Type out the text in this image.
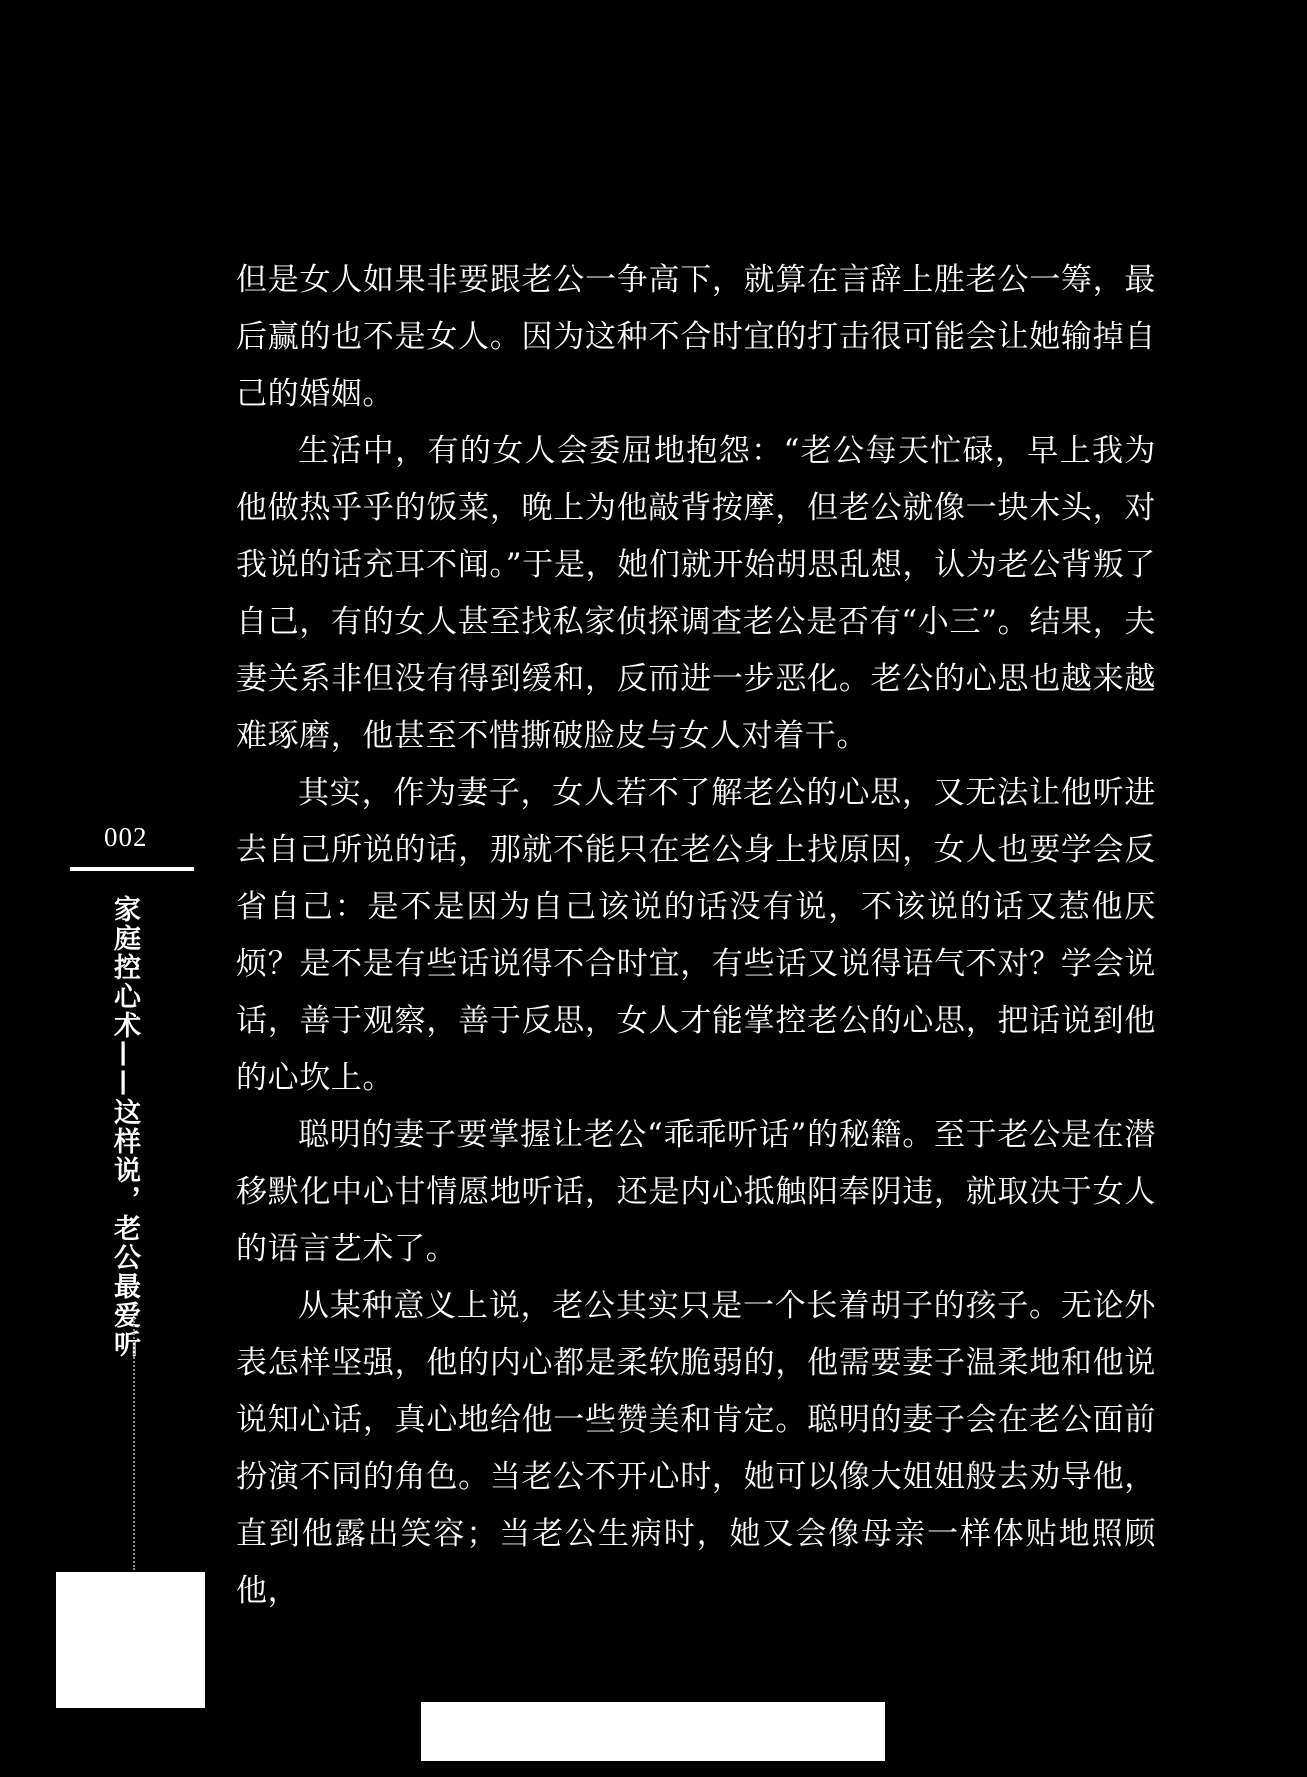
002
家庭控心术——这样说，老公最爱听

但是女人如果非要跟老公一争高下，就算在言辞上胜老公一筹，最后赢的也不是女人。因为这种不合时宜的打击很可能会让她输掉自己的婚姻。

生活中，有的女人会委屈地抱怨：“老公每天忙碌，早上我为他做热乎乎的饭菜，晚上为他敲背按摩，但老公就像一块木头，对我说的话充耳不闻。”于是，她们就开始胡思乱想，认为老公背叛了自己，有的女人甚至找私家侦探调查老公是否有“小三”。结果，夫妻关系非但没有得到缓和，反而进一步恶化。老公的心思也越来越难琢磨，他甚至不惜撕破脸皮与女人对着干。

其实，作为妻子，女人若不了解老公的心思，又无法让他听进去自己所说的话，那就不能只在老公身上找原因，女人也要学会反省自己：是不是因为自己该说的话没有说，不该说的话又惹他厌烦？是不是有些话说得不合时宜，有些话又说得语气不对？学会说话，善于观察，善于反思，女人才能掌控老公的心思，把话说到他的心坎上。

聪明的妻子要掌握让老公“乖乖听话”的秘籍。至于老公是在潜移默化中心甘情愿地听话，还是内心抵触阳奉阴违，就取决于女人的语言艺术了。

从某种意义上说，老公其实只是一个长着胡子的孩子。无论外表怎样坚强，他的内心都是柔软脆弱的，他需要妻子温柔地和他说说知心话，真心地给他一些赞美和肯定。聪明的妻子会在老公面前扮演不同的角色。当老公不开心时，她可以像大姐姐般去劝导他，直到他露出笑容；当老公生病时，她又会像母亲一样体贴地照顾他，
